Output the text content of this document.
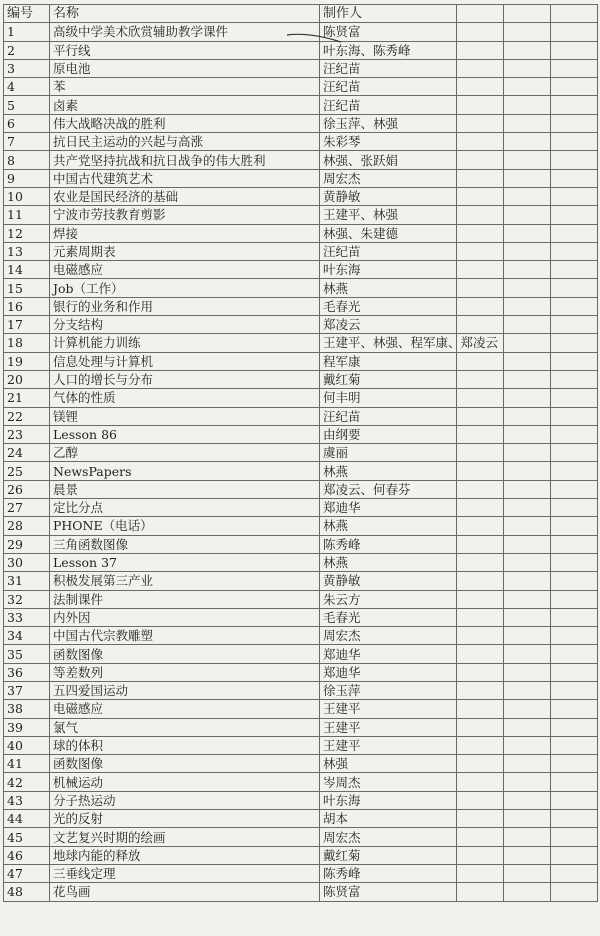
编号	名称	制作人			
1	高级中学美术欣赏辅助教学课件	陈贤富			
2	平行线	叶东海、陈秀峰			
3	原电池	汪纪苗			
4	苯	汪纪苗			
5	卤素	汪纪苗			
6	伟大战略决战的胜利	徐玉萍、林强			
7	抗日民主运动的兴起与高涨	朱彩琴			
8	共产党坚持抗战和抗日战争的伟大胜利	林强、张跃娟			
9	中国古代建筑艺术	周宏杰			
10	农业是国民经济的基础	黄静敏			
11	宁波市劳技教育剪影	王建平、林强			
12	焊接	林强、朱建德			
13	元素周期表	汪纪苗			
14	电磁感应	叶东海			
15	Job（工作）	林燕			
16	银行的业务和作用	毛春光			
17	分支结构	郑凌云			
18	计算机能力训练	王建平、林强、程军康、郑凌云			
19	信息处理与计算机	程军康			
20	人口的增长与分布	戴红菊			
21	气体的性质	何丰明			
22	镁锂	汪纪苗			
23	Lesson 86	由纲要			
24	乙醇	虞丽			
25	NewsPapers	林燕			
26	晨景	郑凌云、何春芬			
27	定比分点	郑迪华			
28	PHONE（电话）	林燕			
29	三角函数图像	陈秀峰			
30	Lesson 37	林燕			
31	积极发展第三产业	黄静敏			
32	法制课件	朱云方			
33	内外因	毛春光			
34	中国古代宗教雕塑	周宏杰			
35	函数图像	郑迪华			
36	等差数列	郑迪华			
37	五四爱国运动	徐玉萍			
38	电磁感应	王建平			
39	氯气	王建平			
40	球的体积	王建平			
41	函数图像	林强			
42	机械运动	岑周杰			
43	分子热运动	叶东海			
44	光的反射	胡本			
45	文艺复兴时期的绘画	周宏杰			
46	地球内能的释放	戴红菊			
47	三垂线定理	陈秀峰			
48	花鸟画	陈贤富			
